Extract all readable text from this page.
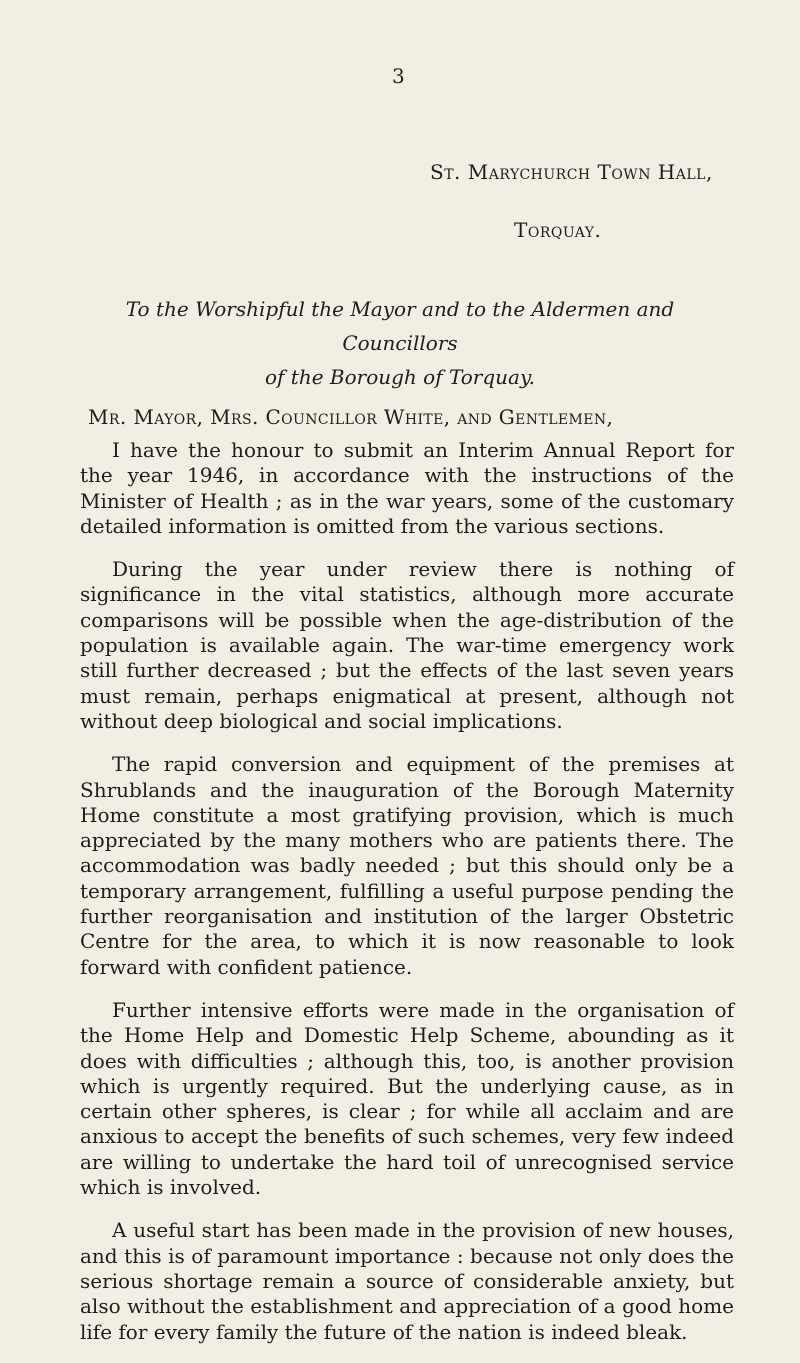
3
St. Marychurch Town Hall,
Torquay.
To the Worshipful the Mayor and to the Aldermen and Councillors
of the Borough of Torquay.
Mr. Mayor, Mrs. Councillor White, and Gentlemen,

I have the honour to submit an Interim Annual Report for the year 1946, in accordance with the instructions of the Minister of Health ; as in the war years, some of the customary detailed information is omitted from the various sections.

During the year under review there is nothing of significance in the vital statistics, although more accurate comparisons will be possible when the age-distribution of the population is available again. The war-time emergency work still further decreased ; but the effects of the last seven years must remain, perhaps enigmatical at present, although not without deep biological and social implications.

The rapid conversion and equipment of the premises at Shrublands and the inauguration of the Borough Maternity Home constitute a most gratifying provision, which is much appreciated by the many mothers who are patients there. The accommodation was badly needed ; but this should only be a temporary arrangement, fulfilling a useful purpose pending the further reorganisation and institution of the larger Obstetric Centre for the area, to which it is now reasonable to look forward with confident patience.

Further intensive efforts were made in the organisation of the Home Help and Domestic Help Scheme, abounding as it does with difficulties ; although this, too, is another provision which is urgently required. But the underlying cause, as in certain other spheres, is clear ; for while all acclaim and are anxious to accept the benefits of such schemes, very few indeed are willing to undertake the hard toil of unrecognised service which is involved.

A useful start has been made in the provision of new houses, and this is of paramount importance : because not only does the serious shortage remain a source of considerable anxiety, but also without the establishment and appreciation of a good home life for every family the future of the nation is indeed bleak.
